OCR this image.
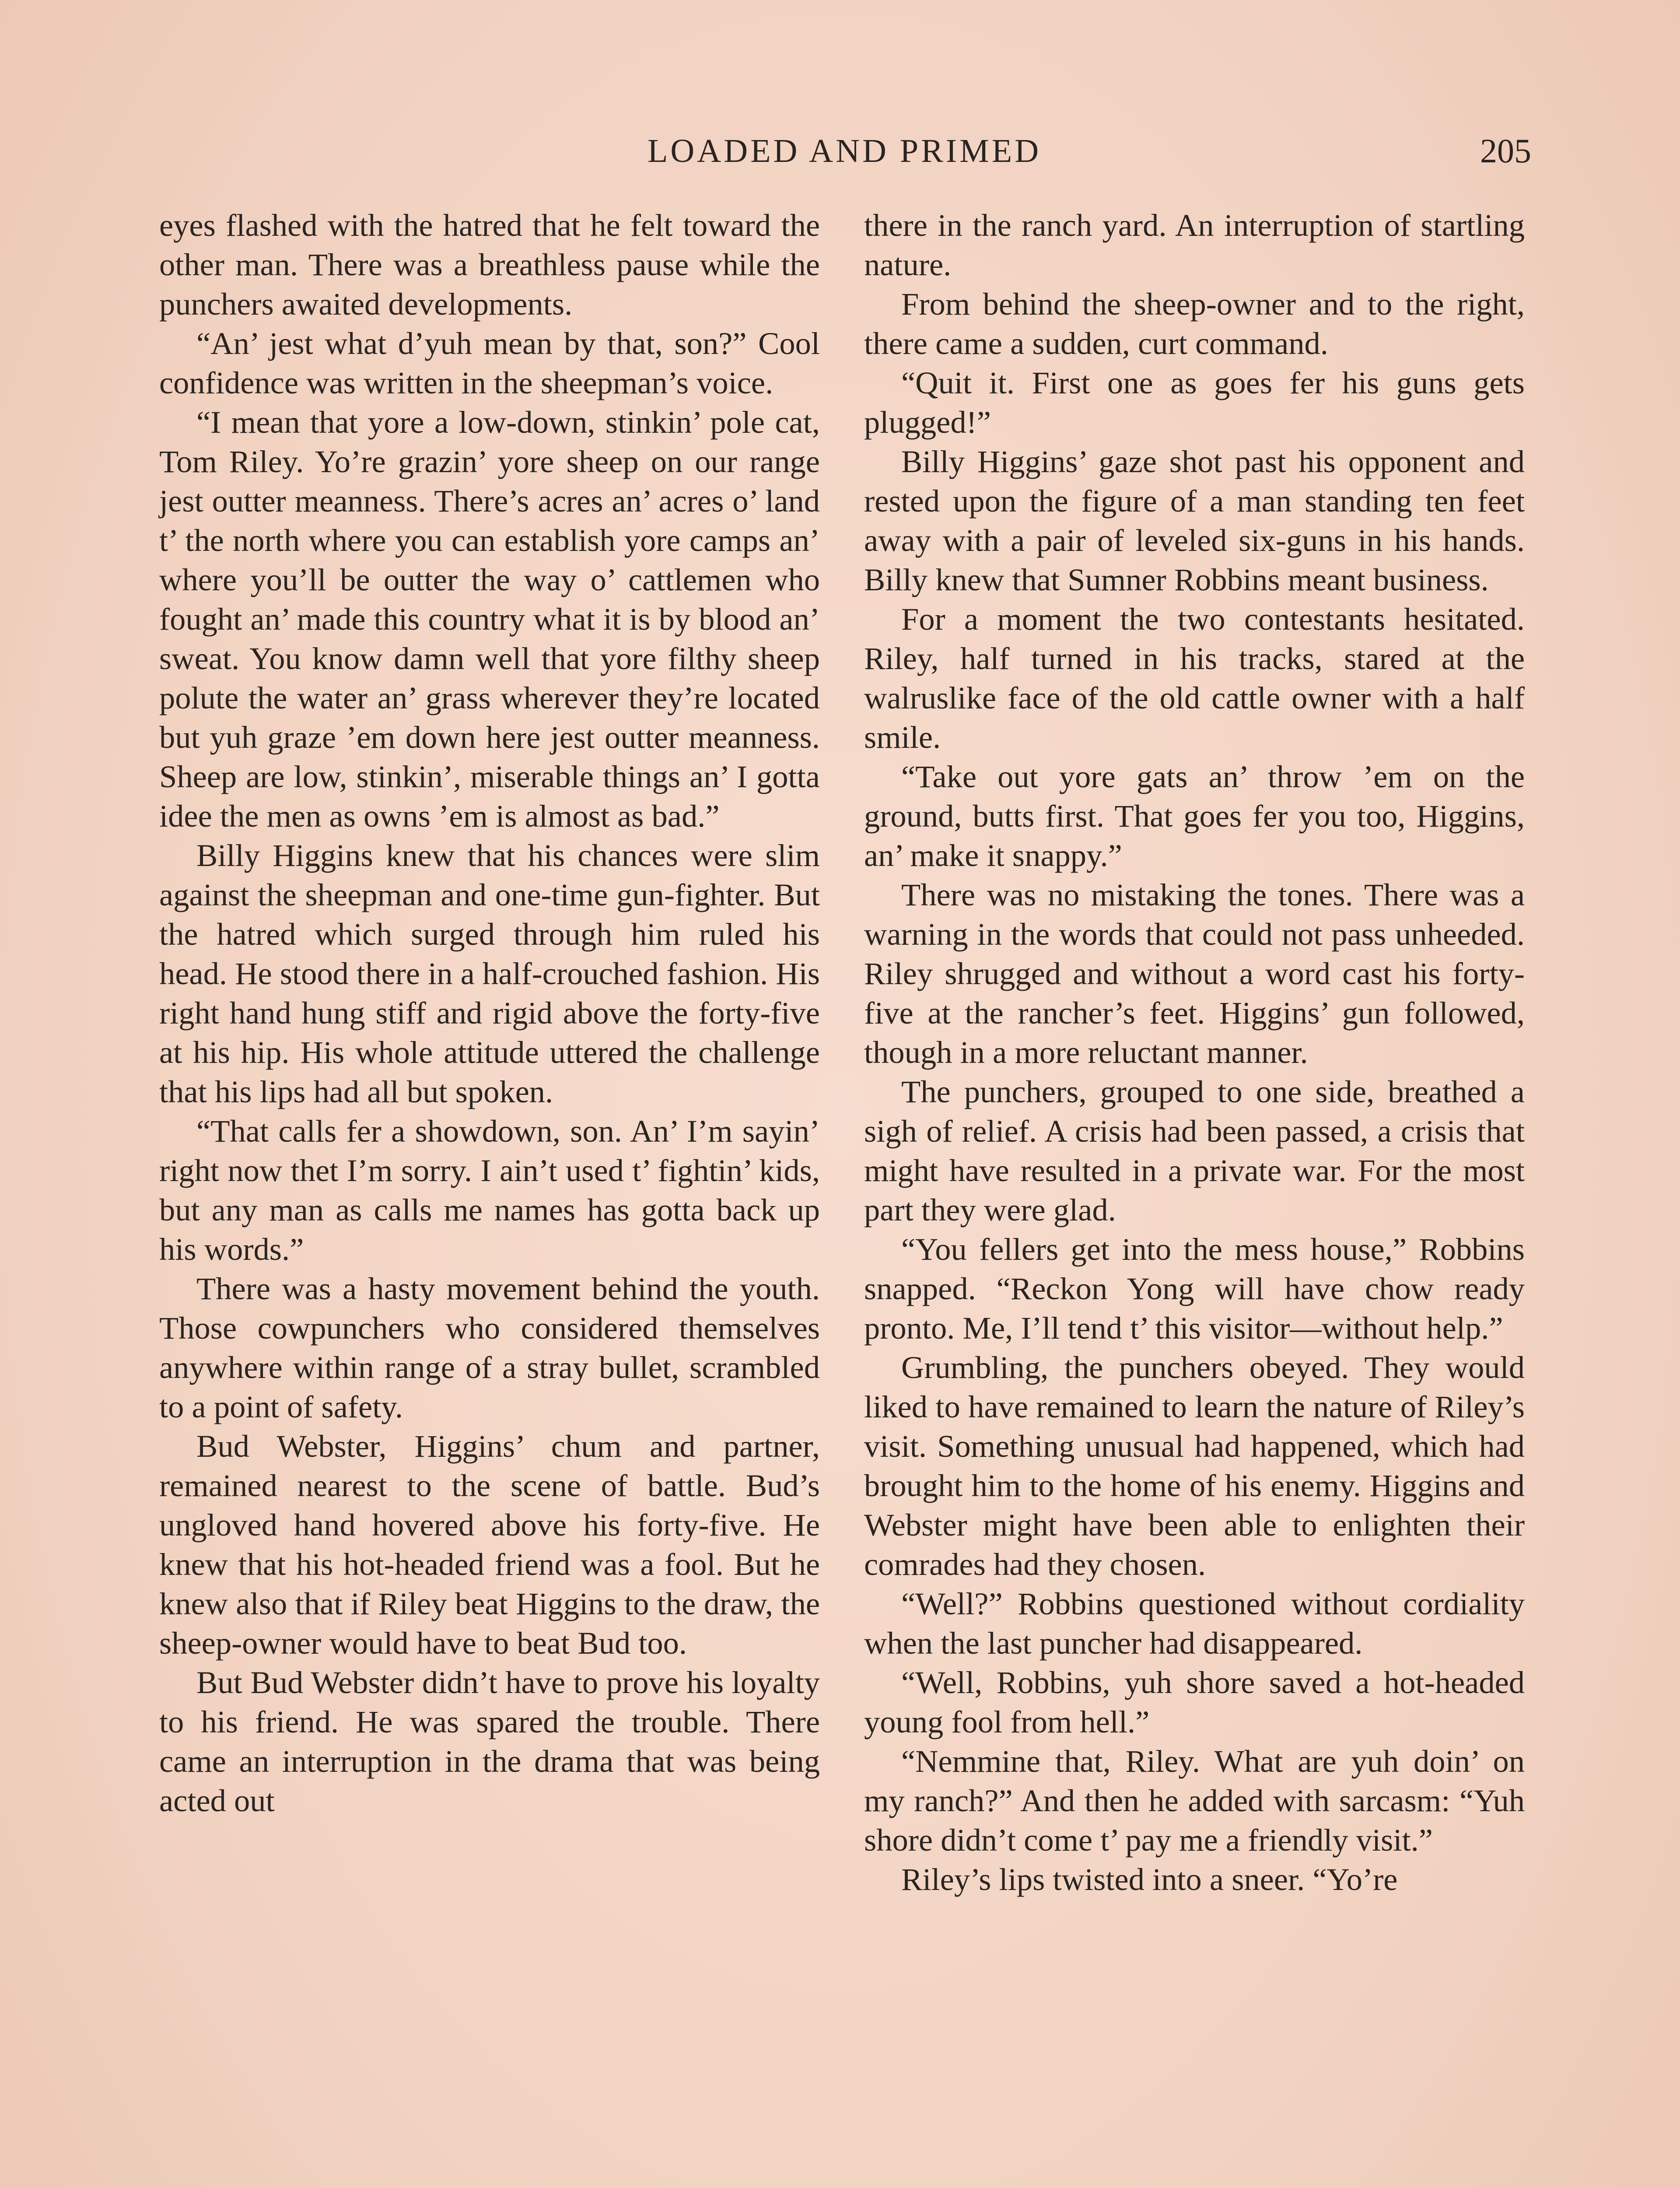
LOADED AND PRIMED	205

eyes flashed with the hatred that he felt toward the other man. There was a breathless pause while the punchers awaited developments.

“An’ jest what d’yuh mean by that, son?” Cool confidence was written in the sheepman’s voice.

“I mean that yore a low-down, stinkin’ pole cat, Tom Riley. Yo’re grazin’ yore sheep on our range jest outter meanness. There’s acres an’ acres o’ land t’ the north where you can establish yore camps an’ where you’ll be outter the way o’ cattlemen who fought an’ made this country what it is by blood an’ sweat. You know damn well that yore filthy sheep polute the water an’ grass wherever they’re located but yuh graze ’em down here jest outter meanness. Sheep are low, stinkin’, miserable things an’ I gotta idee the men as owns ’em is almost as bad.”

Billy Higgins knew that his chances were slim against the sheepman and one-time gun-fighter. But the hatred which surged through him ruled his head. He stood there in a half-crouched fashion. His right hand hung stiff and rigid above the forty-five at his hip. His whole attitude uttered the challenge that his lips had all but spoken.

“That calls fer a showdown, son. An’ I’m sayin’ right now thet I’m sorry. I ain’t used t’ fightin’ kids, but any man as calls me names has gotta back up his words.”

There was a hasty movement behind the youth. Those cowpunchers who considered themselves anywhere within range of a stray bullet, scrambled to a point of safety.

Bud Webster, Higgins’ chum and partner, remained nearest to the scene of battle. Bud’s ungloved hand hovered above his forty-five. He knew that his hot-headed friend was a fool. But he knew also that if Riley beat Higgins to the draw, the sheep-owner would have to beat Bud too.

But Bud Webster didn’t have to prove his loyalty to his friend. He was spared the trouble. There came an interruption in the drama that was being acted out

there in the ranch yard. An interruption of startling nature.

From behind the sheep-owner and to the right, there came a sudden, curt command.

“Quit it. First one as goes fer his guns gets plugged!”

Billy Higgins’ gaze shot past his opponent and rested upon the figure of a man standing ten feet away with a pair of leveled six-guns in his hands. Billy knew that Sumner Robbins meant business.

For a moment the two contestants hesitated. Riley, half turned in his tracks, stared at the walruslike face of the old cattle owner with a half smile.

“Take out yore gats an’ throw ’em on the ground, butts first. That goes fer you too, Higgins, an’ make it snappy.”

There was no mistaking the tones. There was a warning in the words that could not pass unheeded. Riley shrugged and without a word cast his forty-five at the rancher’s feet. Higgins’ gun followed, though in a more reluctant manner.

The punchers, grouped to one side, breathed a sigh of relief. A crisis had been passed, a crisis that might have resulted in a private war. For the most part they were glad.

“You fellers get into the mess house,” Robbins snapped. “Reckon Yong will have chow ready pronto. Me, I’ll tend t’ this visitor—without help.”

Grumbling, the punchers obeyed. They would liked to have remained to learn the nature of Riley’s visit. Something unusual had happened, which had brought him to the home of his enemy. Higgins and Webster might have been able to enlighten their comrades had they chosen.

“Well?” Robbins questioned without cordiality when the last puncher had disappeared.

“Well, Robbins, yuh shore saved a hot-headed young fool from hell.”

“Nemmine that, Riley. What are yuh doin’ on my ranch?” And then he added with sarcasm: “Yuh shore didn’t come t’ pay me a friendly visit.”

Riley’s lips twisted into a sneer. “Yo’re
